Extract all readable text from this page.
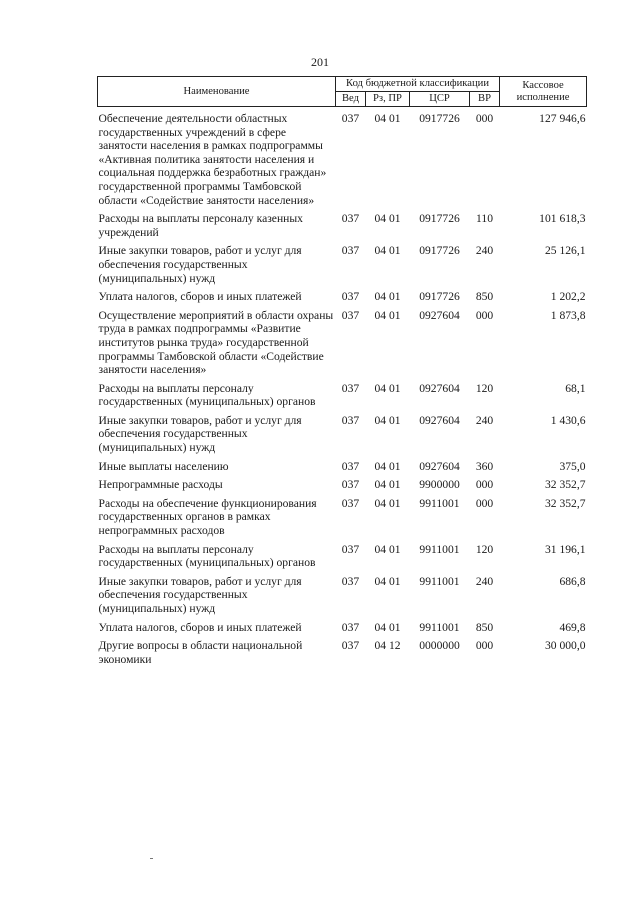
201
Наименование	Код бюджетной классификации				Кассовое
исполнение
	Вед	Рз, ПР	ЦСР	ВР	
Обеспечение деятельности областных государственных учреждений в сфере занятости населения в рамках подпрограммы «Активная политика занятости населения и социальная поддержка безработных граждан» государственной программы Тамбовской области «Содействие занятости населения»	037	04 01	0917726	000	127 946,6
Расходы на выплаты персоналу казенных учреждений	037	04 01	0917726	110	101 618,3
Иные закупки товаров, работ и услуг для обеспечения государственных (муниципальных) нужд	037	04 01	0917726	240	25 126,1
Уплата налогов, сборов и иных платежей	037	04 01	0917726	850	1 202,2
Осуществление мероприятий в области охраны труда в рамках подпрограммы «Развитие институтов рынка труда» государственной программы Тамбовской области «Содействие занятости населения»	037	04 01	0927604	000	1 873,8
Расходы на выплаты персоналу государственных (муниципальных) органов	037	04 01	0927604	120	68,1
Иные закупки товаров, работ и услуг для обеспечения государственных (муниципальных) нужд	037	04 01	0927604	240	1 430,6
Иные выплаты населению	037	04 01	0927604	360	375,0
Непрограммные расходы	037	04 01	9900000	000	32 352,7
Расходы на обеспечение функционирования государственных органов в рамках непрограммных расходов	037	04 01	9911001	000	32 352,7
Расходы на выплаты персоналу государственных (муниципальных) органов	037	04 01	9911001	120	31 196,1
Иные закупки товаров, работ и услуг для обеспечения государственных (муниципальных) нужд	037	04 01	9911001	240	686,8
Уплата налогов, сборов и иных платежей	037	04 01	9911001	850	469,8
Другие вопросы в области национальной экономики	037	04 12	0000000	000	30 000,0
